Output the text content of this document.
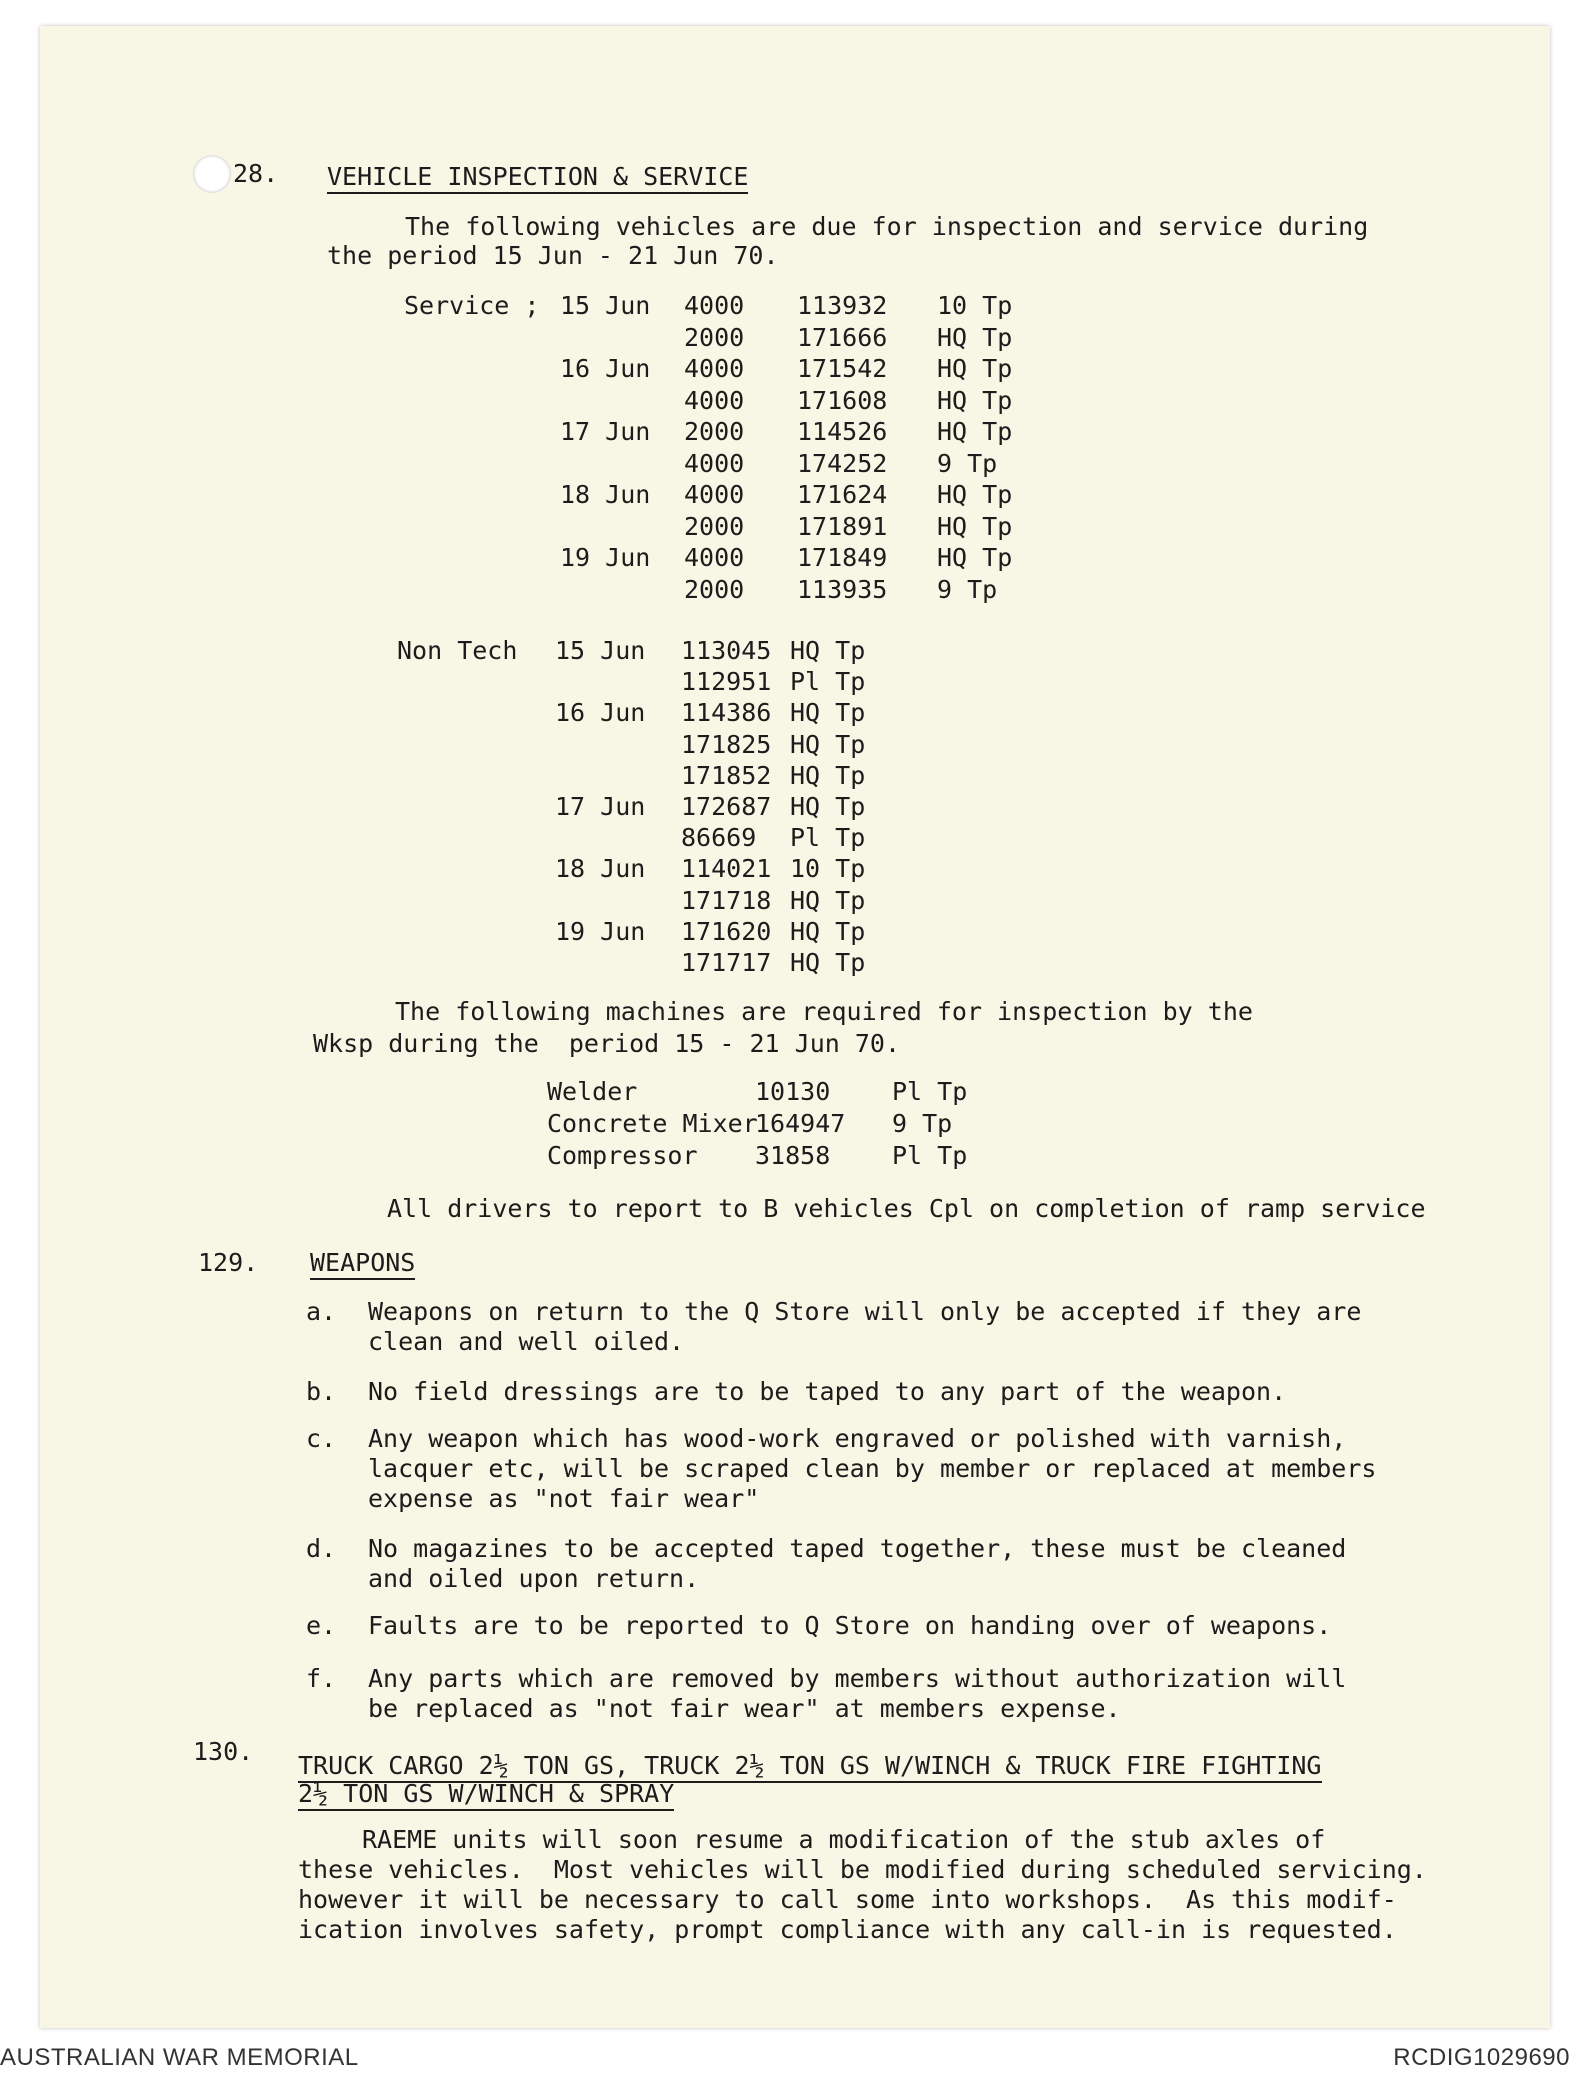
28. VEHICLE INSPECTION & SERVICE
The following vehicles are due for inspection and service during
the period 15 Jun - 21 Jun 70.
Service ;
Non Tech
The following machines are required for inspection by the
Wksp during the  period 15 - 21 Jun 70.
All drivers to report to B vehicles Cpl on completion of ramp service
129. WEAPONS
130. TRUCK CARGO 2½ TON GS, TRUCK 2½ TON GS W/WINCH & TRUCK FIRE FIGHTING
2½ TON GS W/WINCH & SPRAY
RAEME units will soon resume a modification of the stub axles of
these vehicles.  Most vehicles will be modified during scheduled servicing.
however it will be necessary to call some into workshops.  As this modif-
ication involves safety, prompt compliance with any call-in is requested.
AUSTRALIAN WAR MEMORIAL	RCDIG1029690
15 Jun 4000 113932 10 Tp
2000 171666 HQ Tp
16 Jun 4000 171542 HQ Tp
4000 171608 HQ Tp
17 Jun 2000 114526 HQ Tp
4000 174252 9 Tp
18 Jun 4000 171624 HQ Tp
2000 171891 HQ Tp
19 Jun 4000 171849 HQ Tp
2000 113935 9 Tp
15 Jun 113045 HQ Tp
112951 Pl Tp
16 Jun 114386 HQ Tp
171825 HQ Tp
171852 HQ Tp
17 Jun 172687 HQ Tp
86669 Pl Tp
18 Jun 114021 10 Tp
171718 HQ Tp
19 Jun 171620 HQ Tp
171717 HQ Tp
Welder	10130 Pl Tp
Concrete Mixer
164947 9 Tp
Compressor 31858 Pl Tp
a. Weapons on return to the Q Store will only be accepted if they are
clean and well oiled.
b. No field dressings are to be taped to any part of the weapon.
c. Any weapon which has wood-work engraved or polished with varnish,
lacquer etc, will be scraped clean by member or replaced at members
expense as "not fair wear"
d. No magazines to be accepted taped together, these must be cleaned
and oiled upon return.
e. Faults are to be reported to Q Store on handing over of weapons.
f. Any parts which are removed by members without authorization will
be replaced as "not fair wear" at members expense.
